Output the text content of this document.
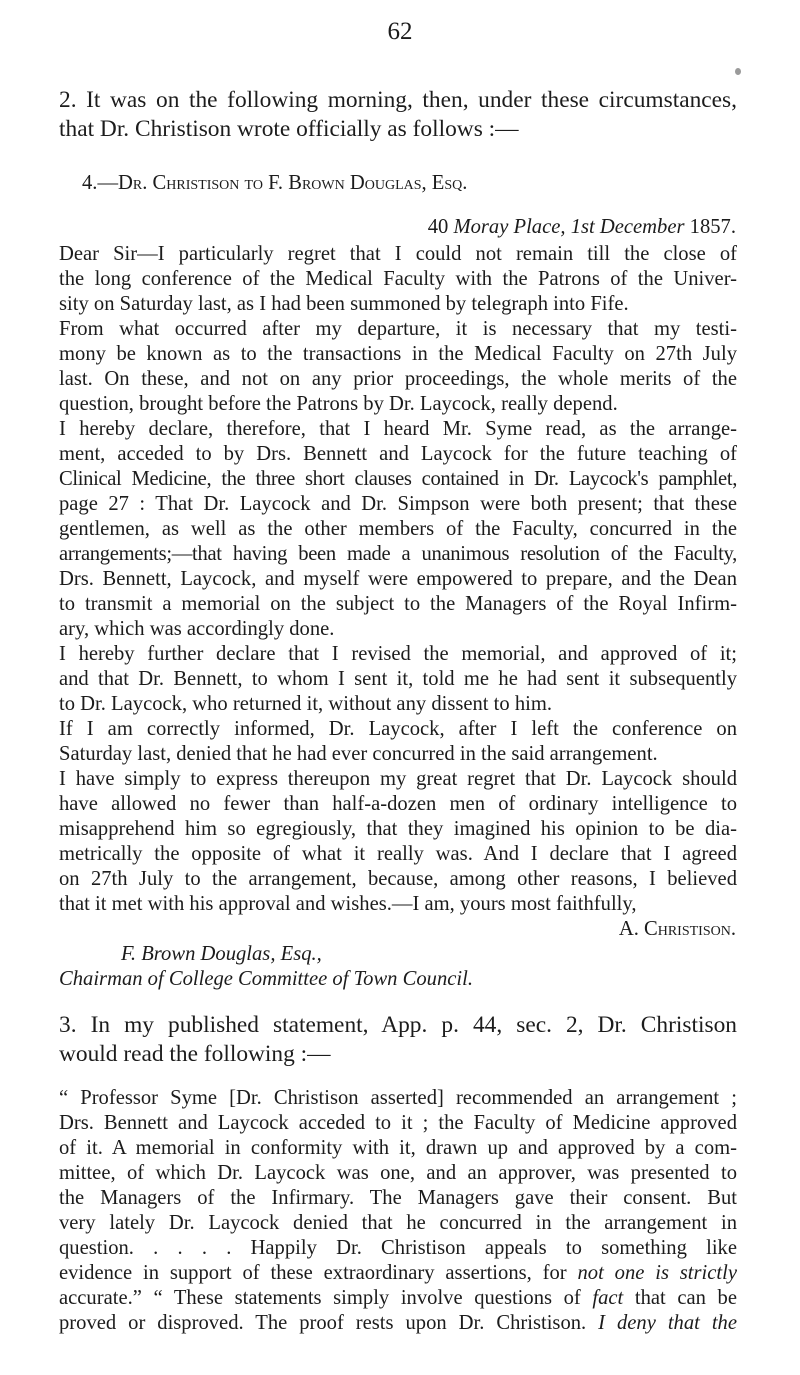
62
2. It was on the following morning, then, under these circumstances,
that Dr. Christison wrote officially as follows :—
4.—Dr. Christison to F. Brown Douglas, Esq.
40 Moray Place, 1st December 1857.
Dear Sir—I particularly regret that I could not remain till the close of
the long conference of the Medical Faculty with the Patrons of the Univer-
sity on Saturday last, as I had been summoned by telegraph into Fife.
From what occurred after my departure, it is necessary that my testi-
mony be known as to the transactions in the Medical Faculty on 27th July
last. On these, and not on any prior proceedings, the whole merits of the
question, brought before the Patrons by Dr. Laycock, really depend.
I hereby declare, therefore, that I heard Mr. Syme read, as the arrange-
ment, acceded to by Drs. Bennett and Laycock for the future teaching of
Clinical Medicine, the three short clauses contained in Dr. Laycock's pamphlet,
page 27 : That Dr. Laycock and Dr. Simpson were both present; that these
gentlemen, as well as the other members of the Faculty, concurred in the
arrangements;—that having been made a unanimous resolution of the Faculty,
Drs. Bennett, Laycock, and myself were empowered to prepare, and the Dean
to transmit a memorial on the subject to the Managers of the Royal Infirm-
ary, which was accordingly done.
I hereby further declare that I revised the memorial, and approved of it;
and that Dr. Bennett, to whom I sent it, told me he had sent it subsequently
to Dr. Laycock, who returned it, without any dissent to him.
If I am correctly informed, Dr. Laycock, after I left the conference on
Saturday last, denied that he had ever concurred in the said arrangement.
I have simply to express thereupon my great regret that Dr. Laycock should
have allowed no fewer than half-a-dozen men of ordinary intelligence to
misapprehend him so egregiously, that they imagined his opinion to be dia-
metrically the opposite of what it really was. And I declare that I agreed
on 27th July to the arrangement, because, among other reasons, I believed
that it met with his approval and wishes.—I am, yours most faithfully,
A. Christison.
F. Brown Douglas, Esq.,
Chairman of College Committee of Town Council.
3. In my published statement, App. p. 44, sec. 2, Dr. Christison
would read the following :—
“ Professor Syme [Dr. Christison asserted] recommended an arrangement ;
Drs. Bennett and Laycock acceded to it ; the Faculty of Medicine approved
of it. A memorial in conformity with it, drawn up and approved by a com-
mittee, of which Dr. Laycock was one, and an approver, was presented to
the Managers of the Infirmary. The Managers gave their consent. But
very lately Dr. Laycock denied that he concurred in the arrangement in
question. . . . . Happily Dr. Christison appeals to something like
evidence in support of these extraordinary assertions, for not one is strictly
accurate.” “ These statements simply involve questions of fact that can be
proved or disproved. The proof rests upon Dr. Christison. I deny that the
